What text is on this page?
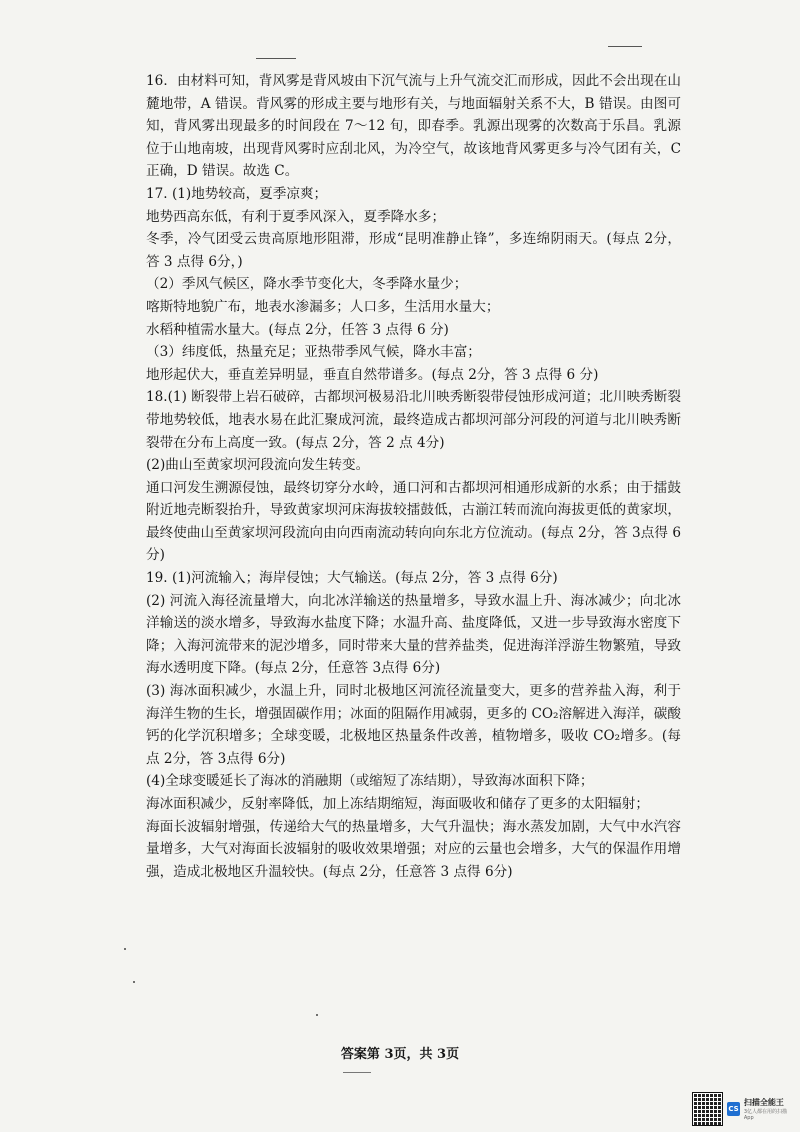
16．由材料可知，背风雾是背风坡由下沉气流与上升气流交汇而形成，因此不会出现在山麓地带，A 错误。背风雾的形成主要与地形有关，与地面辐射关系不大，B 错误。由图可知，背风雾出现最多的时间段在 7～12 旬，即春季。乳源出现雾的次数高于乐昌。乳源位于山地南坡，出现背风雾时应刮北风，为冷空气，故该地背风雾更多与冷气团有关，C 正确，D 错误。故选 C。

17. (1)地势较高，夏季凉爽；

地势西高东低，有利于夏季风深入，夏季降水多；

冬季，冷气团受云贵高原地形阻滞，形成“昆明准静止锋”，多连绵阴雨天。(每点 2分，答 3 点得 6分，)

（2）季风气候区，降水季节变化大，冬季降水量少；

喀斯特地貌广布，地表水渗漏多；人口多，生活用水量大；

水稻种植需水量大。(每点 2分，任答 3 点得 6 分)

（3）纬度低，热量充足；亚热带季风气候，降水丰富；

地形起伏大，垂直差异明显，垂直自然带谱多。(每点 2分，答 3 点得 6 分)

18.(1) 断裂带上岩石破碎，古都坝河极易沿北川映秀断裂带侵蚀形成河道；北川映秀断裂带地势较低，地表水易在此汇聚成河流，最终造成古都坝河部分河段的河道与北川映秀断裂带在分布上高度一致。(每点 2分，答 2 点 4分)

(2)曲山至黄家坝河段流向发生转变。

通口河发生溯源侵蚀，最终切穿分水岭，通口河和古都坝河相通形成新的水系；由于擂鼓附近地壳断裂抬升，导致黄家坝河床海拔较擂鼓低，古湔江转而流向海拔更低的黄家坝，最终使曲山至黄家坝河段流向由向西南流动转向向东北方位流动。(每点 2分，答 3点得 6分)

19. (1)河流输入；海岸侵蚀；大气输送。(每点 2分，答 3 点得 6分)

(2) 河流入海径流量增大，向北冰洋输送的热量增多，导致水温上升、海冰减少；向北冰洋输送的淡水增多，导致海水盐度下降；水温升高、盐度降低，又进一步导致海水密度下降；入海河流带来的泥沙增多，同时带来大量的营养盐类，促进海洋浮游生物繁殖，导致海水透明度下降。(每点 2分，任意答 3点得 6分)

(3) 海冰面积减少，水温上升，同时北极地区河流径流量变大，更多的营养盐入海，利于海洋生物的生长，增强固碳作用；冰面的阻隔作用减弱，更多的 CO₂溶解进入海洋，碳酸钙的化学沉积增多；全球变暖，北极地区热量条件改善，植物增多，吸收 CO₂增多。(每点 2分，答 3点得 6分)

(4)全球变暖延长了海冰的消融期（或缩短了冻结期），导致海冰面积下降；

海冰面积减少，反射率降低，加上冻结期缩短，海面吸收和储存了更多的太阳辐射；

海面长波辐射增强，传递给大气的热量增多，大气升温快；海水蒸发加剧，大气中水汽容量增多，大气对海面长波辐射的吸收效果增强；对应的云量也会增多，大气的保温作用增强，造成北极地区升温较快。(每点 2分，任意答 3 点得 6分)

答案第 3页，共 3页
CS
扫描全能王
3亿人都在用的扫描App
